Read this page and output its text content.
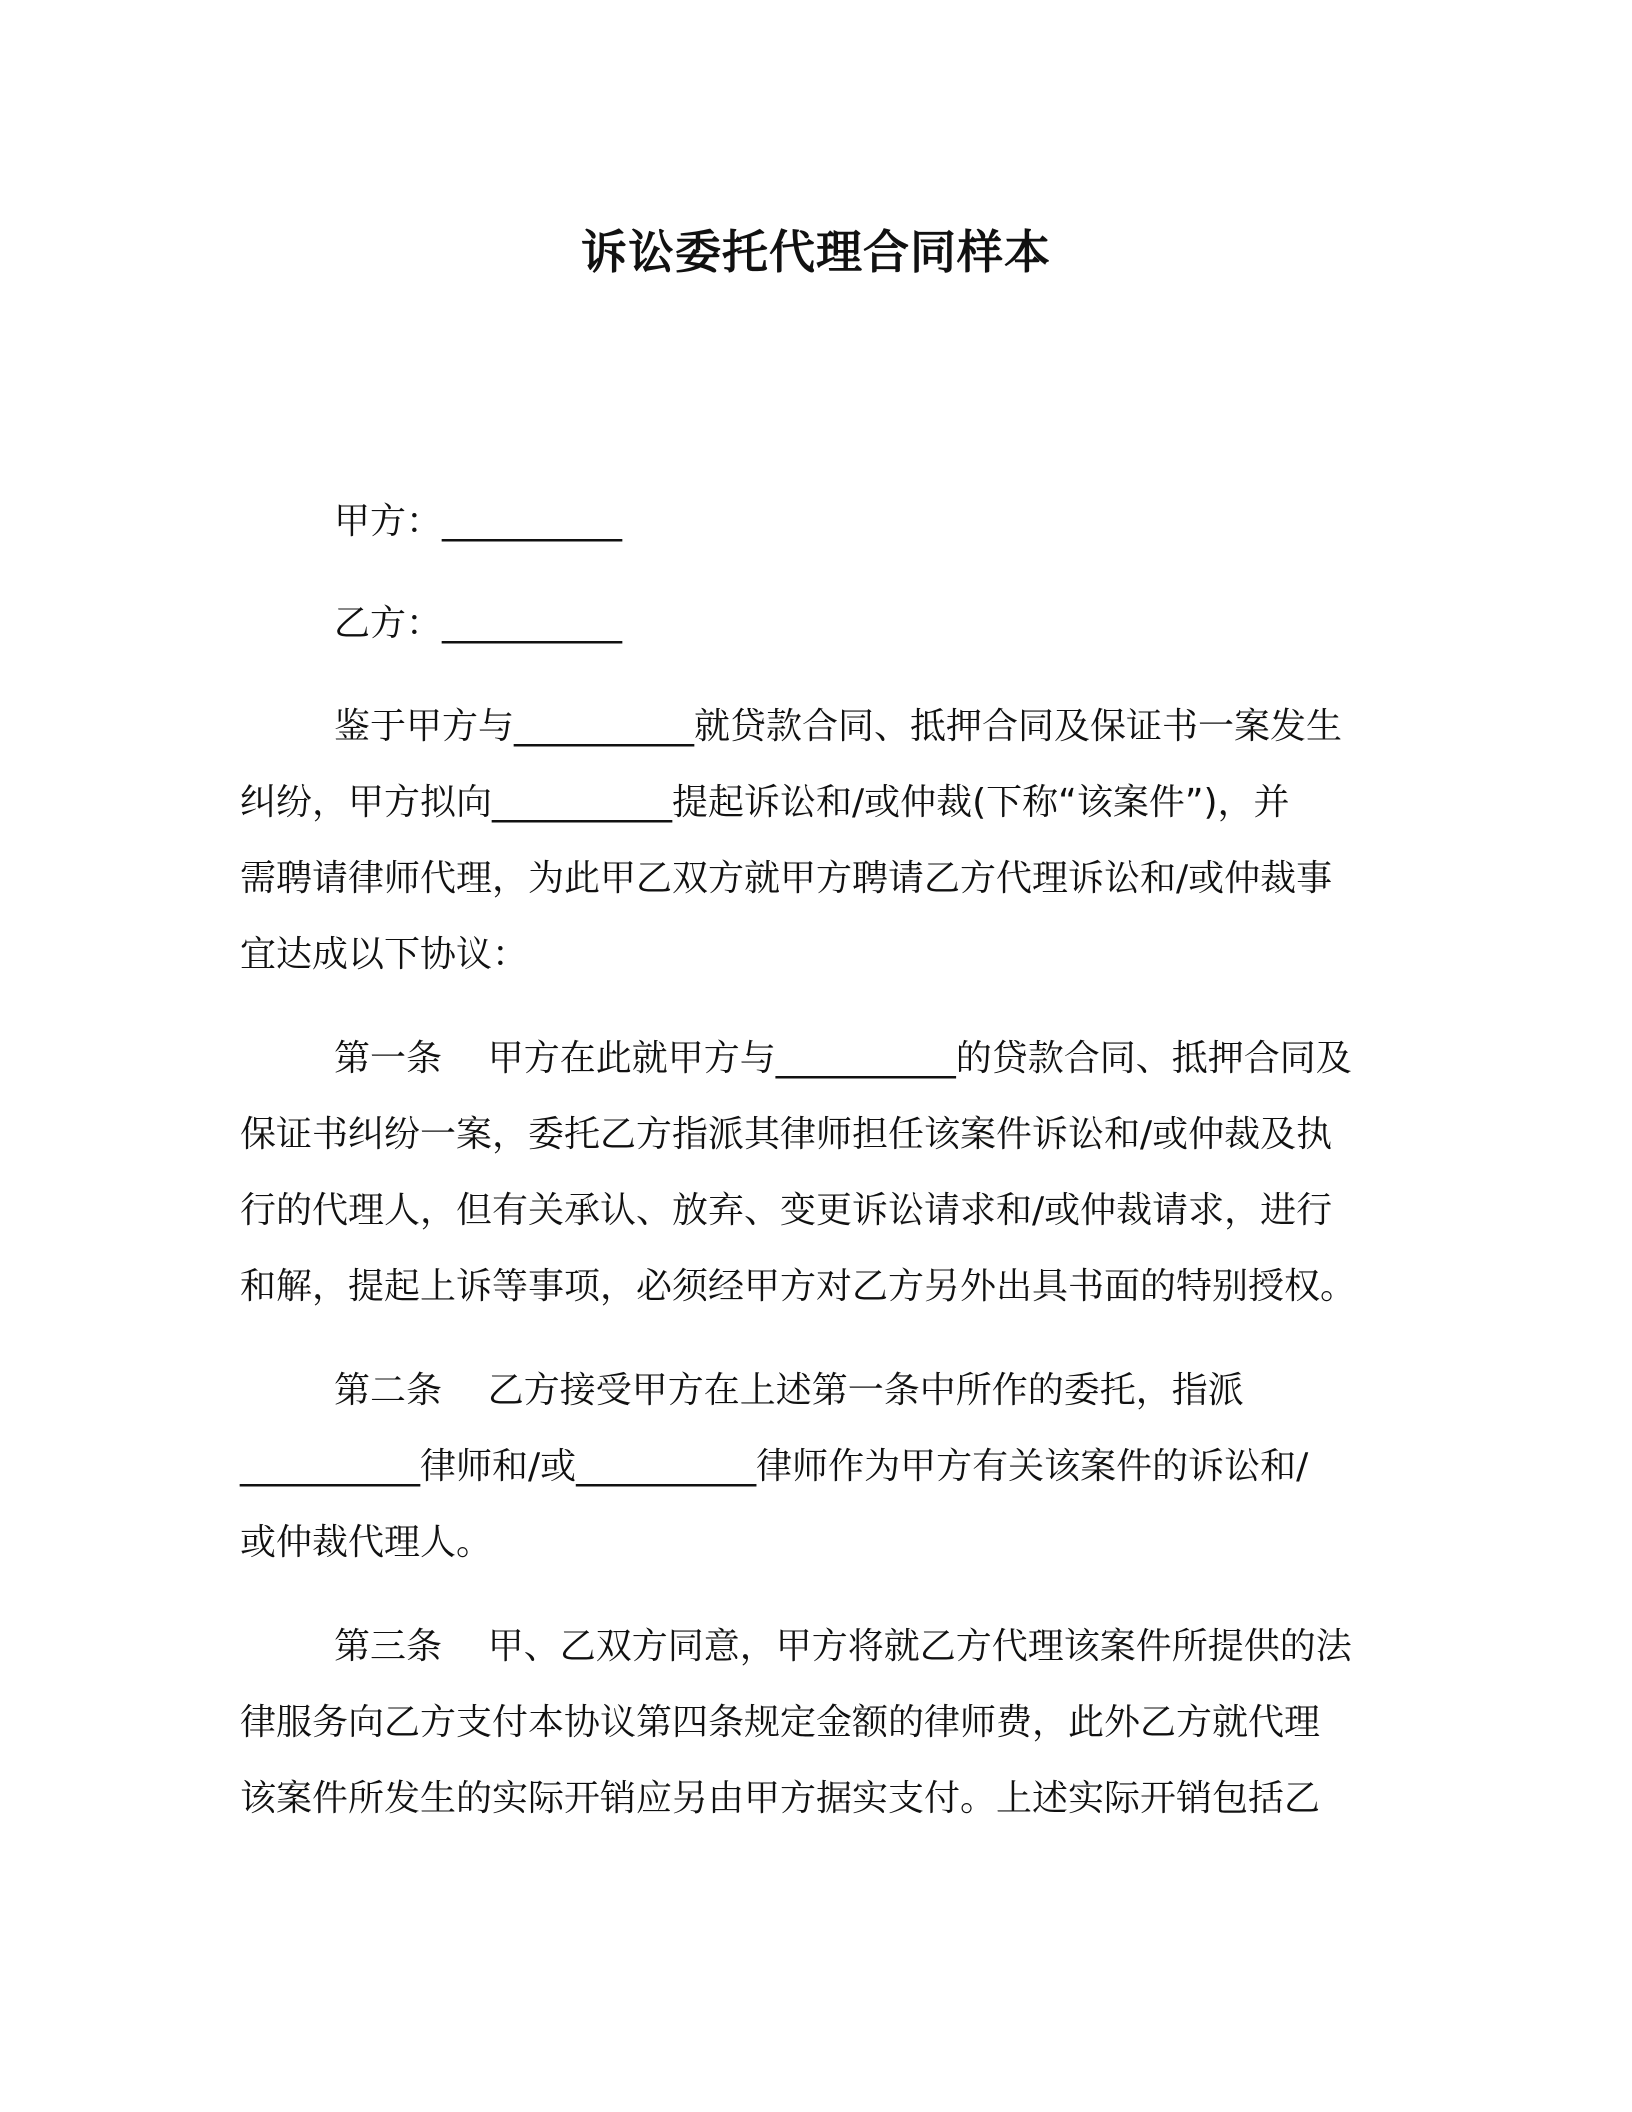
诉讼委托代理合同样本
甲方：__________
乙方：__________
鉴于甲方与__________就贷款合同、抵押合同及保证书一案发生
纠纷，甲方拟向__________提起诉讼和/或仲裁(下称“该案件”)，并
需聘请律师代理，为此甲乙双方就甲方聘请乙方代理诉讼和/或仲裁事
宜达成以下协议：
第一条    甲方在此就甲方与__________的贷款合同、抵押合同及
保证书纠纷一案，委托乙方指派其律师担任该案件诉讼和/或仲裁及执
行的代理人，但有关承认、放弃、变更诉讼请求和/或仲裁请求，进行
和解，提起上诉等事项，必须经甲方对乙方另外出具书面的特别授权。
第二条    乙方接受甲方在上述第一条中所作的委托，指派
__________律师和/或__________律师作为甲方有关该案件的诉讼和/
或仲裁代理人。
第三条    甲、乙双方同意，甲方将就乙方代理该案件所提供的法
律服务向乙方支付本协议第四条规定金额的律师费，此外乙方就代理
该案件所发生的实际开销应另由甲方据实支付。上述实际开销包括乙
